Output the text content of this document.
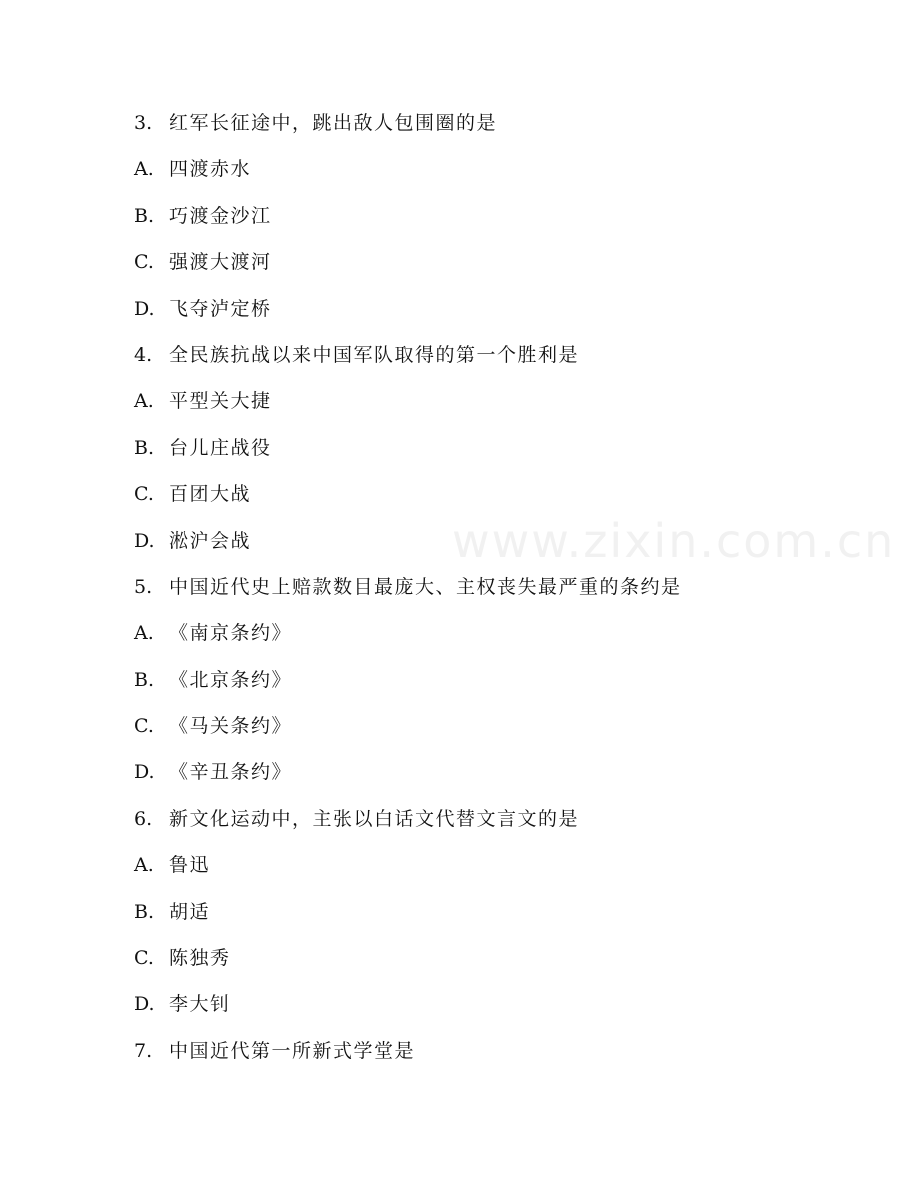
www.zixin.com.cn
3. 红军长征途中，跳出敌人包围圈的是
A. 四渡赤水
B. 巧渡金沙江
C. 强渡大渡河
D. 飞夺泸定桥
4. 全民族抗战以来中国军队取得的第一个胜利是
A. 平型关大捷
B. 台儿庄战役
C. 百团大战
D. 淞沪会战
5. 中国近代史上赔款数目最庞大、主权丧失最严重的条约是
A. 《南京条约》
B. 《北京条约》
C. 《马关条约》
D. 《辛丑条约》
6. 新文化运动中，主张以白话文代替文言文的是
A. 鲁迅
B. 胡适
C. 陈独秀
D. 李大钊
7. 中国近代第一所新式学堂是
